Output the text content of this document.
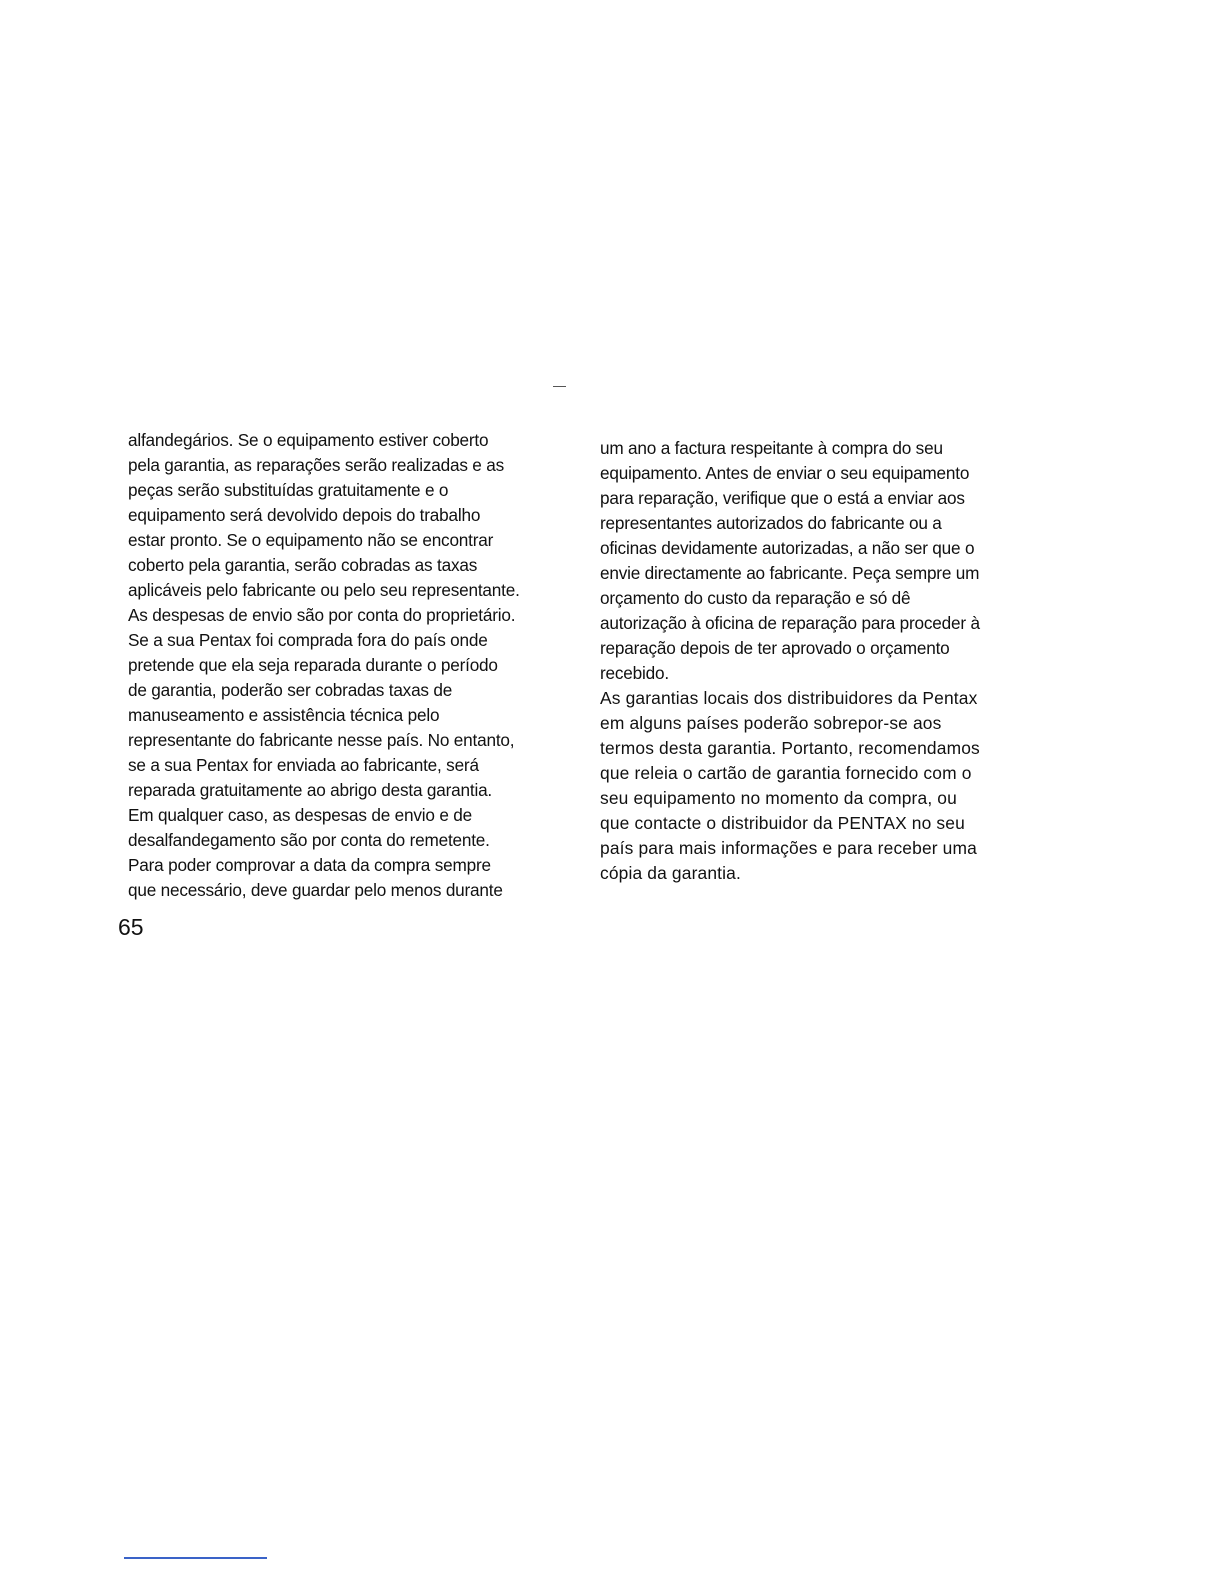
alfandegários. Se o equipamento estiver coberto
pela garantia, as reparações serão realizadas e as
peças serão substituídas gratuitamente e o
equipamento será devolvido depois do trabalho
estar pronto. Se o equipamento não se encontrar
coberto pela garantia, serão cobradas as taxas
aplicáveis pelo fabricante ou pelo seu representante.
As despesas de envio são por conta do proprietário.
Se a sua Pentax foi comprada fora do país onde
pretende que ela seja reparada durante o período
de garantia, poderão ser cobradas taxas de
manuseamento e assistência técnica pelo
representante do fabricante nesse país. No entanto,
se a sua Pentax for enviada ao fabricante, será
reparada gratuitamente ao abrigo desta garantia.
Em qualquer caso, as despesas de envio e de
desalfandegamento são por conta do remetente.
Para poder comprovar a data da compra sempre
que necessário, deve guardar pelo menos durante
um ano a factura respeitante à compra do seu
equipamento. Antes de enviar o seu equipamento
para reparação, verifique que o está a enviar aos
representantes autorizados do fabricante ou a
oficinas devidamente autorizadas, a não ser que o
envie directamente ao fabricante. Peça sempre um
orçamento do custo da reparação e só dê
autorização à oficina de reparação para proceder à
reparação depois de ter aprovado o orçamento
recebido.
As garantias locais dos distribuidores da Pentax
em alguns países poderão sobrepor-se aos
termos desta garantia. Portanto, recomendamos
que releia o cartão de garantia fornecido com o
seu equipamento no momento da compra, ou
que contacte o distribuidor da PENTAX no seu
país para mais informações e para receber uma
cópia da garantia.
65
